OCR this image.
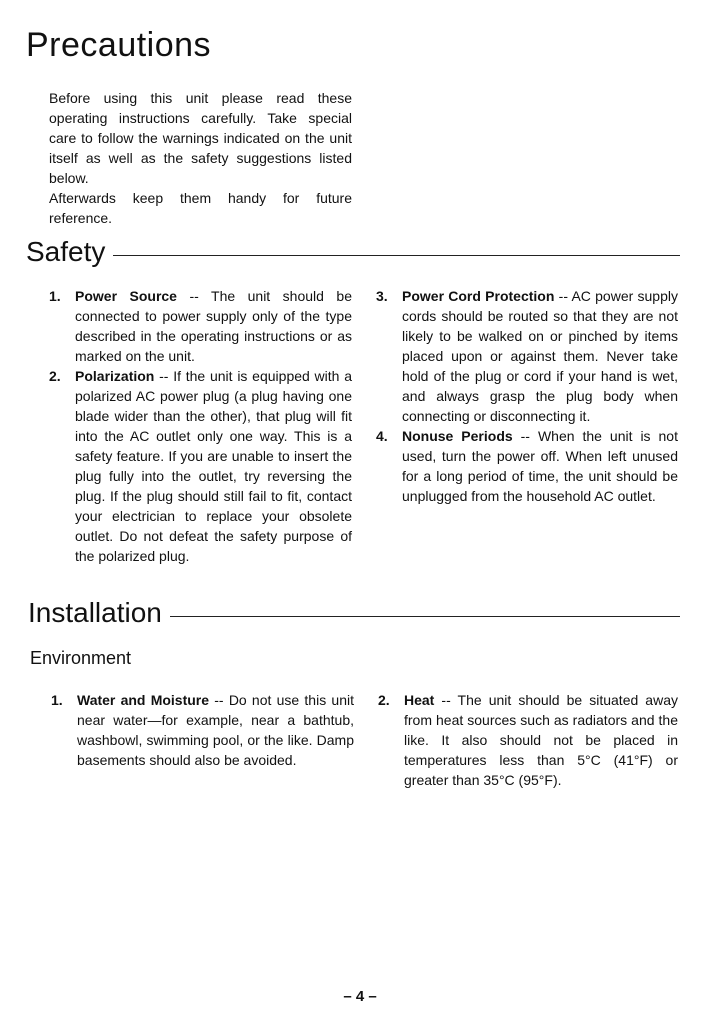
Precautions

Before using this unit please read these operating instructions carefully. Take special care to follow the warnings indicated on the unit itself as well as the safety suggestions listed below.

Afterwards keep them handy for future reference.

Safety
1. Power Source -- The unit should be connected to power supply only of the type described in the operating instructions or as marked on the unit.
2. Polarization -- If the unit is equipped with a polarized AC power plug (a plug having one blade wider than the other), that plug will fit into the AC outlet only one way. This is a safety feature. If you are unable to insert the plug fully into the outlet, try reversing the plug. If the plug should still fail to fit, contact your electrician to replace your obsolete outlet. Do not defeat the safety purpose of the polarized plug.
3. Power Cord Protection -- AC power supply cords should be routed so that they are not likely to be walked on or pinched by items placed upon or against them. Never take hold of the plug or cord if your hand is wet, and always grasp the plug body when connecting or disconnecting it.
4. Nonuse Periods -- When the unit is not used, turn the power off. When left unused for a long period of time, the unit should be unplugged from the household AC outlet.
Installation
Environment
1. Water and Moisture -- Do not use this unit near water—for example, near a bathtub, washbowl, swimming pool, or the like. Damp basements should also be avoided.
2. Heat -- The unit should be situated away from heat sources such as radiators and the like. It also should not be placed in temperatures less than 5°C (41°F) or greater than 35°C (95°F).
– 4 –
